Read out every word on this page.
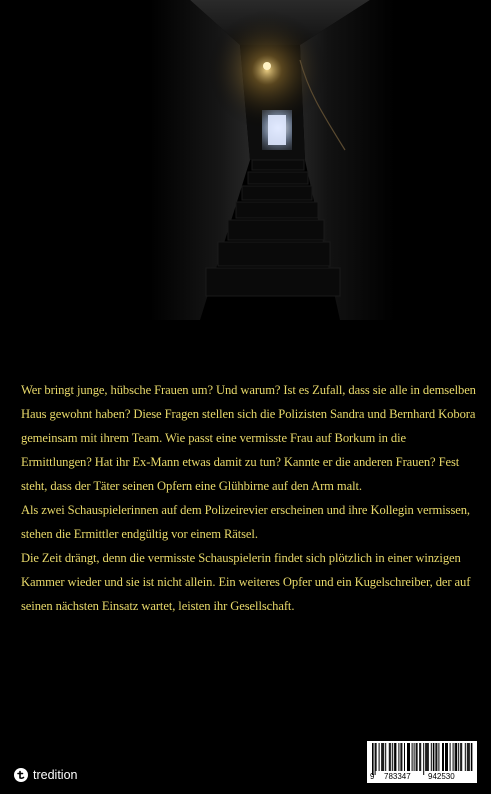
Wer bringt junge, hübsche Frauen um? Und warum? Ist es Zufall, dass sie alle in demselben Haus gewohnt haben? Diese Fragen stellen sich die Polizisten Sandra und Bernhard Kobora gemeinsam mit ihrem Team. Wie passt eine vermisste Frau auf Borkum in die Ermittlungen? Hat ihr Ex-Mann etwas damit zu tun? Kannte er die anderen Frauen? Fest steht, dass der Täter seinen Opfern eine Glühbirne auf den Arm malt.

Als zwei Schauspielerinnen auf dem Polizeirevier erscheinen und ihre Kollegin vermissen, stehen die Ermittler endgültig vor einem Rätsel.

Die Zeit drängt, denn die vermisste Schauspielerin findet sich plötzlich in einer winzigen Kammer wieder und sie ist nicht allein. Ein weiteres Opfer und ein Kugelschreiber, der auf seinen nächsten Einsatz wartet, leisten ihr Gesellschaft.

tredition	9 783347 942530
